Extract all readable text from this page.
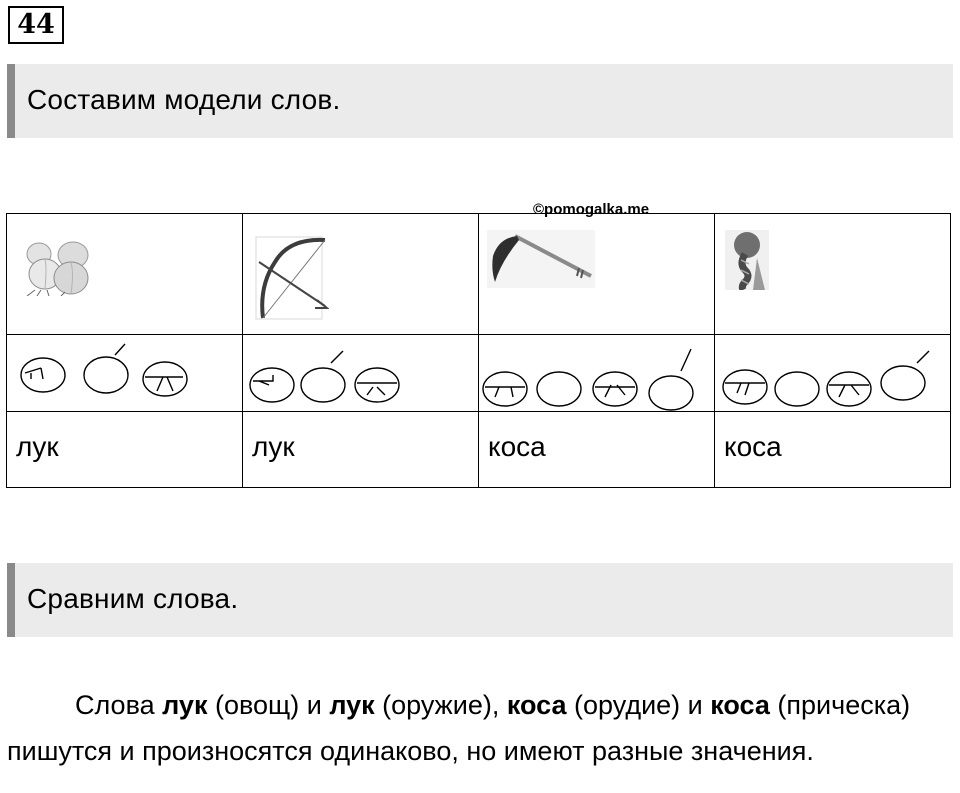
44
Составим модели слов.
©pomogalka.me

лук	лук	коса	коса
Сравним слова.

Слова лук (овощ) и лук (оружие), коса (орудие) и коса (прическа) пишутся и произносятся одинаково, но имеют разные значения.
